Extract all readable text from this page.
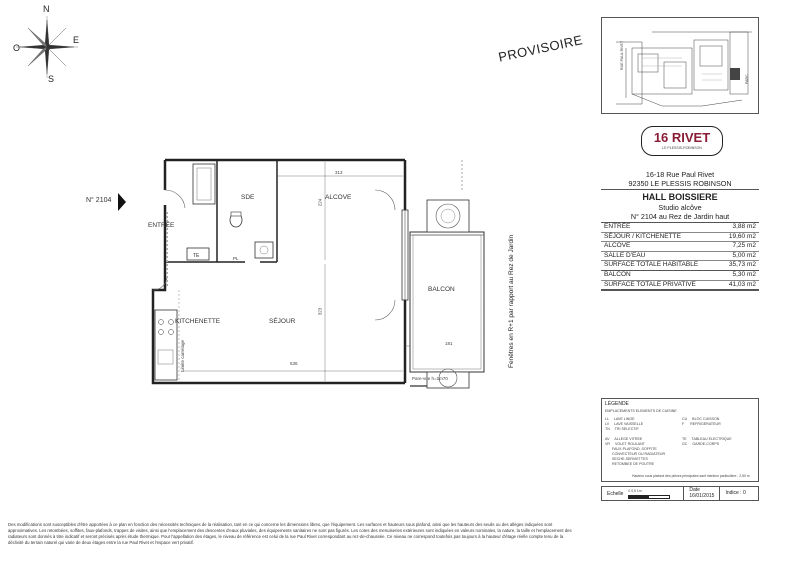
N
E
S
O	PROVISOIRE
N° 2104
ENTRÉE
SDE	ALCOVE
TE	PL
KITCHENETTE	SÉJOUR
BALCON
313
224
323
536
181
Limite carrelage
Pare-vue h=1m70
Fenêtres en R+1 par rapport au Rez de Jardin
RUE PAUL RIVET
PARC
16 RIVET
LE PLESSIS-ROBINSON
16-18 Rue Paul Rivet
92350 LE PLESSIS ROBINSON
HALL BOISSIERE
Studio alcôve
N° 2104 au Rez de Jardin haut
ENTRÉE	3,88 m2
SÉJOUR / KITCHENETTE	19,60 m2
ALCOVE	7,25 m2
SALLE D'EAU	5,00 m2
SURFACE TOTALE HABITABLE	35,73 m2
BALCON	5,30 m2
SURFACE TOTALE PRIVATIVE	41,03 m2
LÉGENDE
EMPLACEMENTS ELEMENTS DE CUISINE
LL     LAVE LINGE
LV     LAVE VAISSELLE
TN     TRI SELECTIF
AV     ALLEGE VITREE
VR     VOLET ROULANT
FAUX-PLAFOND, SOFFITE
CONVECTEUR OU RADIATEUR
SECHE-SERVIETTES
RETOMBEE DE POUTRE
CU     BLOC CUISSON
F      REFRIGERATEUR
TE     TABLEAU ELECTRIQUE
GC     GARDE-CORPS
Hauteur sous plafond des pièces principales sauf mention particulière : 2,50 m
Echelle	0 0,5 1m	Date
16/01/2015	Indice : 0
Des modifications sont susceptibles d'être apportées à ce plan en fonction des nécessités techniques de la réalisation, tant en ce qui concerne les dimensions libres, que l'équipement. Les surfaces et hauteurs sous plafond, ainsi que les hauteurs des seuils ou des allèges indiquées sont approximatives. Les retombées, soffites, faux-plafonds, trappes de visites, ainsi que l'emplacement des descentes d'eaux pluviales, des équipements sanitaires ne sont pas figurés. Les cotes des menuiseries extérieures sont indiquées en valeurs nominales, la nature, la taille et l'emplacement des radiateurs sont donnés à titre indicatif et seront précisés après étude thermique. Pour l'appellation des étages, le niveau de référence est celui de la rue Paul Rivet correspondant au rez-de-chaussée. Ce niveau ne correspond toutefois pas toujours à la hauteur d'étage réelle compte tenu de la déclivité du terrain naturel qui varie de deux étages entre la rue Paul Rivet et l'espace vert privatif.
